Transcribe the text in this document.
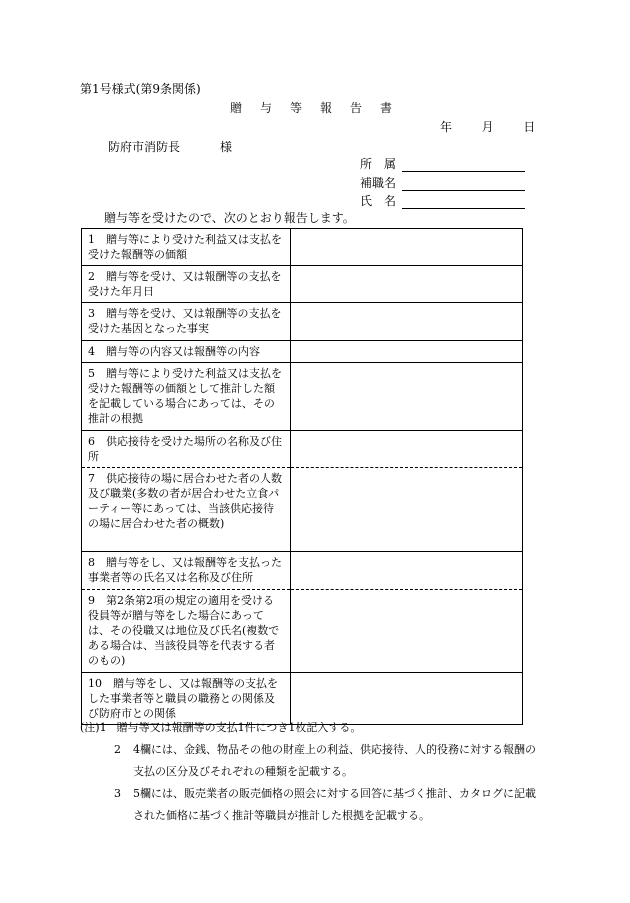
第1号様式(第9条関係)
贈与等報告書
年 月 日
防府市消防長	様
所　属
補職名
氏　名
贈与等を受けたので、次のとおり報告します。
1　贈与等により受けた利益又は支払を受けた報酬等の価額	
2　贈与等を受け、又は報酬等の支払を受けた年月日	
3　贈与等を受け、又は報酬等の支払を受けた基因となった事実	
4　贈与等の内容又は報酬等の内容	
5　贈与等により受けた利益又は支払を受けた報酬等の価額として推計した額を記載している場合にあっては、その推計の根拠	
6　供応接待を受けた場所の名称及び住所	
7　供応接待の場に居合わせた者の人数及び職業(多数の者が居合わせた立食パーティー等にあっては、当該供応接待の場に居合わせた者の概数)	
8　贈与等をし、又は報酬等を支払った事業者等の氏名又は名称及び住所	
9　第2条第2項の規定の適用を受ける役員等が贈与等をした場合にあっては、その役職又は地位及び氏名(複数である場合は、当該役員等を代表する者のもの)	
10　贈与等をし、又は報酬等の支払をした事業者等と職員の職務との関係及び防府市との関係	
(注)1 贈与等又は報酬等の支払1件につき1枚記入する。
2 4欄には、金銭、物品その他の財産上の利益、供応接待、人的役務に対する報酬の支払の区分及びそれぞれの種類を記載する。
3 5欄には、販売業者の販売価格の照会に対する回答に基づく推計、カタログに記載された価格に基づく推計等職員が推計した根拠を記載する。
